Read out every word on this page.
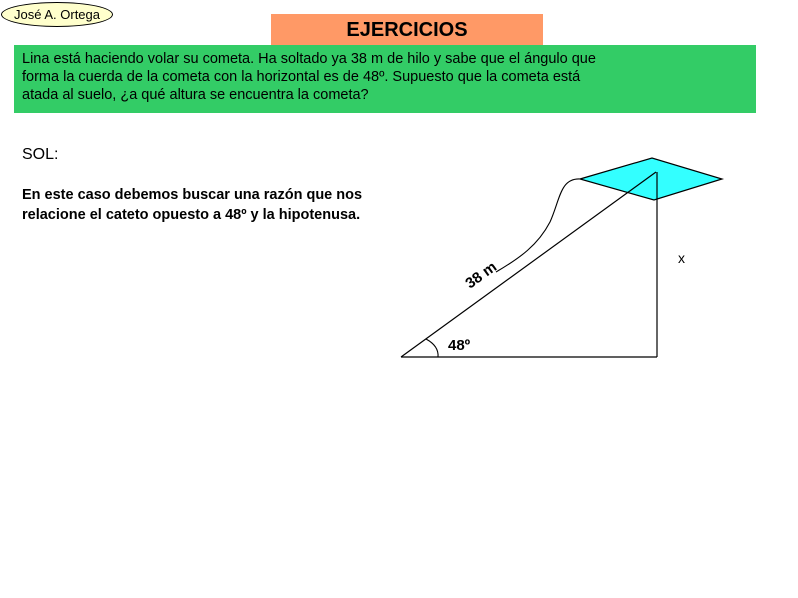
José A. Ortega
EJERCICIOS
Lina está haciendo volar su cometa. Ha soltado ya 38 m de hilo y sabe que el ángulo que
forma la cuerda de la cometa con la horizontal es de 48º. Supuesto que la cometa está
atada al suelo, ¿a qué altura se encuentra la cometa?
SOL:
En este caso debemos buscar una razón que nos
relacione el cateto opuesto a 48º y la hipotenusa.
38 m
48º
x
